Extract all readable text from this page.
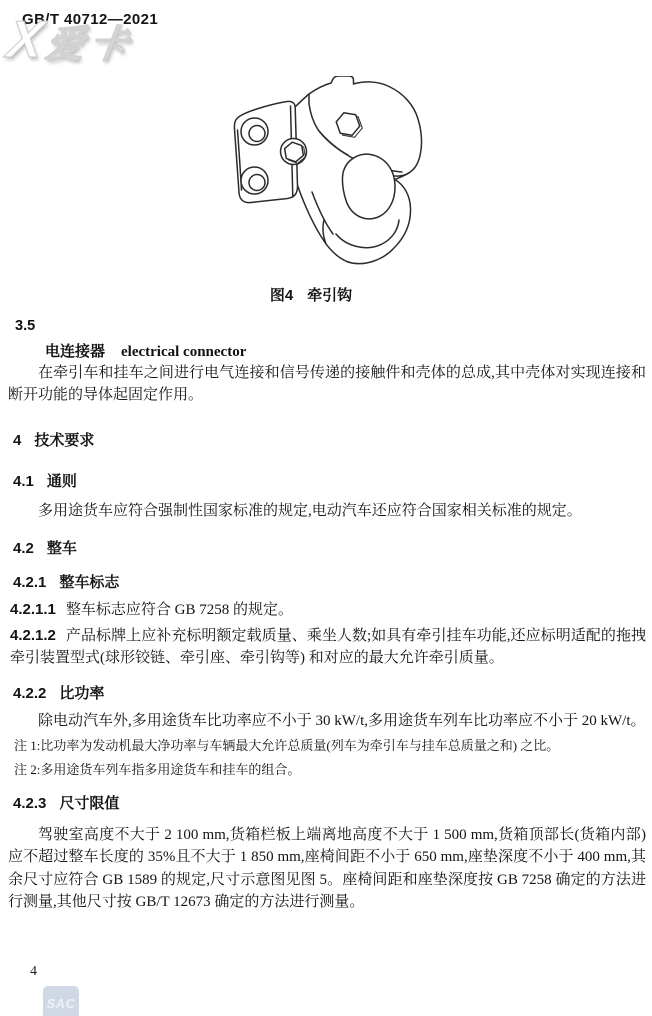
GB/T 40712—2021
X
爱卡
图4 牵引钩
3.5
电连接器 electrical connector

在牵引车和挂车之间进行电气连接和信号传递的接触件和壳体的总成,其中壳体对实现连接和断开功能的导体起固定作用。

4 技术要求
4.1 通则

多用途货车应符合强制性国家标准的规定,电动汽车还应符合国家相关标准的规定。

4.2 整车
4.2.1 整车标志

4.2.1.1 整车标志应符合 GB 7258 的规定。

4.2.1.2 产品标牌上应补充标明额定载质量、乘坐人数;如具有牵引挂车功能,还应标明适配的拖拽牵引装置型式(球形铰链、牵引座、牵引钩等) 和对应的最大允许牵引质量。

4.2.2 比功率

除电动汽车外,多用途货车比功率应不小于 30 kW/t,多用途货车列车比功率应不小于 20 kW/t。

注 1:比功率为发动机最大净功率与车辆最大允许总质量(列车为牵引车与挂车总质量之和) 之比。

注 2:多用途货车列车指多用途货车和挂车的组合。

4.2.3 尺寸限值

驾驶室高度不大于 2 100 mm,货箱栏板上端离地高度不大于 1 500 mm,货箱顶部长(货箱内部)应不超过整车长度的 35%且不大于 1 850 mm,座椅间距不小于 650 mm,座垫深度不小于 400 mm,其余尺寸应符合 GB 1589 的规定,尺寸示意图见图 5。座椅间距和座垫深度按 GB 7258 确定的方法进行测量,其他尺寸按 GB/T 12673 确定的方法进行测量。

4
SAC
